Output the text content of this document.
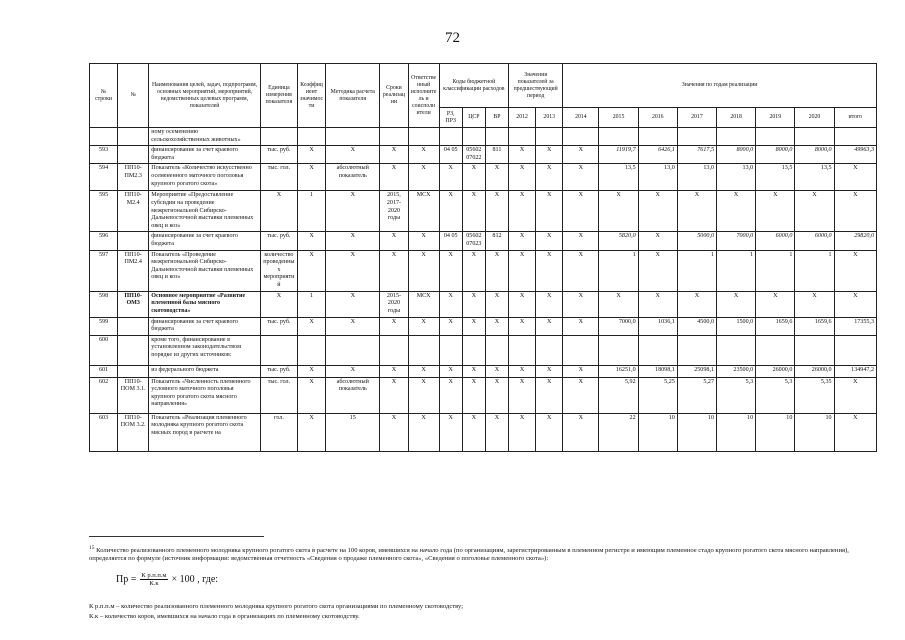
72
№ строки	№	Наименования целей, задач, подпрограмм, основных мероприятий, мероприятий, ведомственных целевых программ, показателей	Единица измерения показателя	Коэффициент значимости	Методика расчета показателя	Сроки реализации	Ответственный исполнитель и соисполнители	Коды бюджетной классификации расходов			Значения показателей за предшествующий период		Значения по годам реализации							
								РЗ, ПРЗ	ЦСР	ВР	2012	2013	2014	2015	2016	2017	2018	2019	2020	итого
		ному осеменению сельскохозяйственных животных»																		
593		финансирование за счет краевого бюджета	тыс. руб.	Х	Х	Х	Х	04 05	05602 07022	811	Х	Х	Х	11919,7	6426,1	7617,5	8000,0	8000,0	8000,0	49963,3
594	ПП10-ПМ2.3	Показатель «Количество искусственно осемененного маточного поголовья крупного рогатого скота»	тыс. гол.	Х	абсолютный показатель	Х	Х	Х	Х	Х	Х	Х	Х	13,5	13,0	13,0	13,0	13,5	13,5	Х
595	ПП10-М2.4	Мероприятие «Предоставление субсидии на проведение межрегиональной Сибирско-Дальневосточной выставки племенных овец и коз»	Х	1	Х	2015, 2017-2020 годы	МСХ	Х	Х	Х	Х	Х	Х	Х	Х	Х	Х	Х	Х	Х
596		финансирование за счет краевого бюджета	тыс. руб.	Х	Х	Х	Х	04 05	05602 07023	812	Х	Х	Х	5820,0	Х	5000,0	7000,0	6000,0	6000,0	29820,0
597	ПП10-ПМ2.4	Показатель «Проведение межрегиональной Сибирско-Дальневосточной выставки племенных овец и коз»	количество проведенных мероприятий	Х	Х	Х	Х	Х	Х	Х	Х	Х	Х	1	Х	1	1	1	1	Х
598	ПП10-ОМ3	Основное мероприятие «Развитие племенной базы мясного скотоводства»	Х	1	Х	2015-2020 годы	МСХ	Х	Х	Х	Х	Х	Х	Х	Х	Х	Х	Х	Х	Х
599		финансирование за счет краевого бюджета	тыс. руб.	Х	Х	Х	Х	Х	Х	Х	Х	Х	Х	7000,0	1036,1	4500,0	1500,0	1659,6	1659,6	17355,3
600		кроме того, финансирование в установленном законодательством порядке из других источников:																		
601		из федерального бюджета	тыс. руб.	Х	Х	Х	Х	Х	Х	Х	Х	Х	Х	16251,0	18098,1	25098,1	23500,0	26000,0	26000,0	134947,2
602	ПП10-ПОМ 3.1.	Показатель «Численность племенного условного маточного поголовья крупного рогатого скота мясного направления»	тыс. гол.	Х	абсолютный показатель	Х	Х	Х	Х	Х	Х	Х	Х	5,92	5,25	5,27	5,3	5,3	5,35	Х
603	ПП10-ПОМ 3.2.	Показатель «Реализация племенного молодняка крупного рогатого скота мясных пород в расчете на	гол.	Х	15	Х	Х	Х	Х	Х	Х	Х	Х	22	10	10	10	10	10	Х
$^{15}$ Количество реализованного племенного молодняка крупного рогатого скота в расчете на 100 коров, имевшихся на начало года (по организациям, зарегистрированным в племенном регистре и имеющим племенное стадо крупного рогатого скота мясного направления), определяется по формуле (источник информации: ведомственная отчетность «Сведения о продаже племенного скота», «Сведения о поголовье племенного скота»):
Пр = $\frac{\text{К р.п.п.м}}{К.к} \times 100$ , где:
К р.п.п.м – количество реализованного племенного молодняка крупного рогатого скота организациями по племенному скотоводству;
К.к – количество коров, имевшихся на начало года в организациях по племенному скотоводству.
